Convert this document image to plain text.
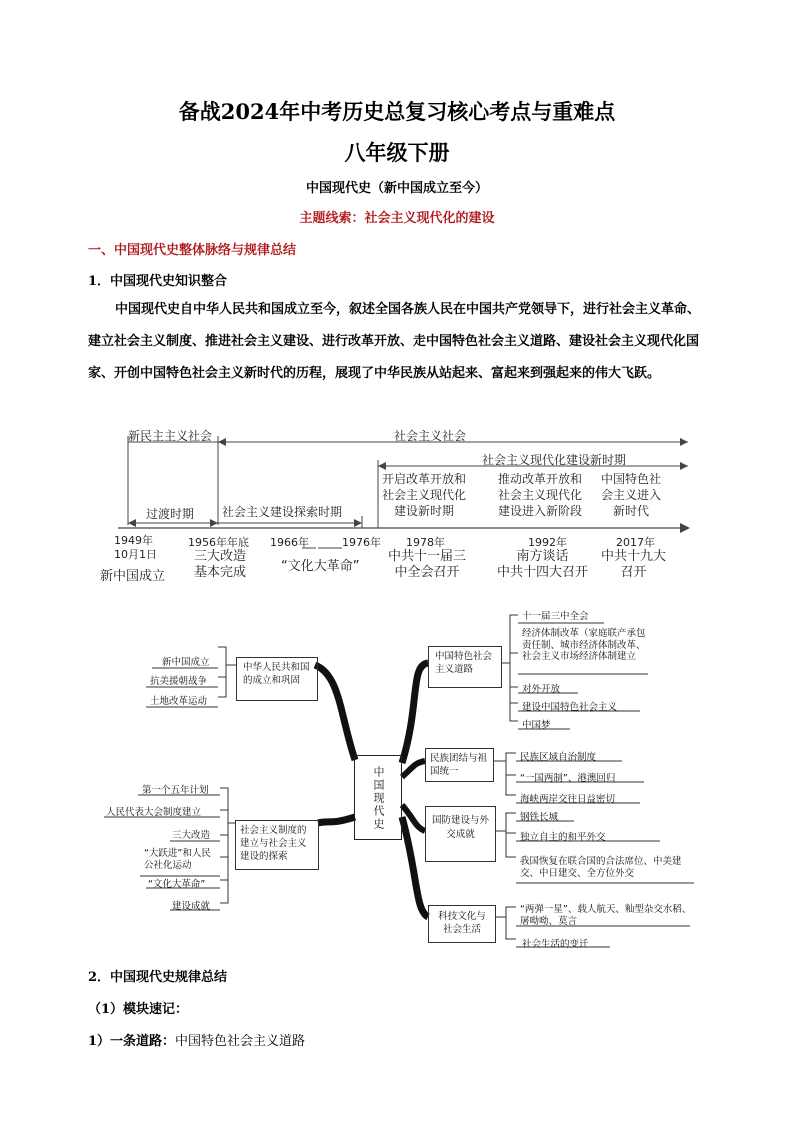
备战2024年中考历史总复习核心考点与重难点
八年级下册
中国现代史（新中国成立至今）
主题线索：社会主义现代化的建设
一、中国现代史整体脉络与规律总结
1．中国现代史知识整合
中国现代史自中华人民共和国成立至今，叙述全国各族人民在中国共产党领导下，进行社会主义革命、建立社会主义制度、推进社会主义建设、进行改革开放、走中国特色社会主义道路、建设社会主义现代化国家、开创中国特色社会主义新时代的历程，展现了中华民族从站起来、富起来到强起来的伟大飞跃。
新民主主义社会	社会主义社会
社会主义现代化建设新时期
过渡时期 社会主义建设探索时期
开启改革开放和
社会主义现代化
建设新时期
推动改革开放和
社会主义现代化
建设进入新阶段
中国特色社
会主义进入
新时代
1949年
10月1日
新中国成立
1956年年底
三大改造
基本完成
1966年	1976年
“文化大革命”
1978年
中共十一届三
中全会召开
1992年
南方谈话
中共十四大召开
2017年
中共十九大
召开
中国现代史
中华人民共和国的成立和巩固
社会主义制度的建立与社会主义建设的探索
新中国成立
抗美援朝战争
土地改革运动
第一个五年计划
人民代表大会制度建立
三大改造
“大跃进”和人民公社化运动
“文化大革命”
建设成就
中国特色社会主义道路
民族团结与祖国统一
国防建设与外交成就
科技文化与社会生活
十一届三中全会
经济体制改革（家庭联产承包责任制、城市经济体制改革、社会主义市场经济体制建立
对外开放
建设中国特色社会主义
中国梦
民族区域自治制度
“一国两制”、港澳回归
海峡两岸交往日益密切
钢铁长城
独立自主的和平外交
我国恢复在联合国的合法席位、中美建交、中日建交、全方位外交
“两弹一星”、载人航天、籼型杂交水稻、屠呦呦、莫言
社会生活的变迁
2．中国现代史规律总结
（1）模块速记：
1）一条道路：中国特色社会主义道路
